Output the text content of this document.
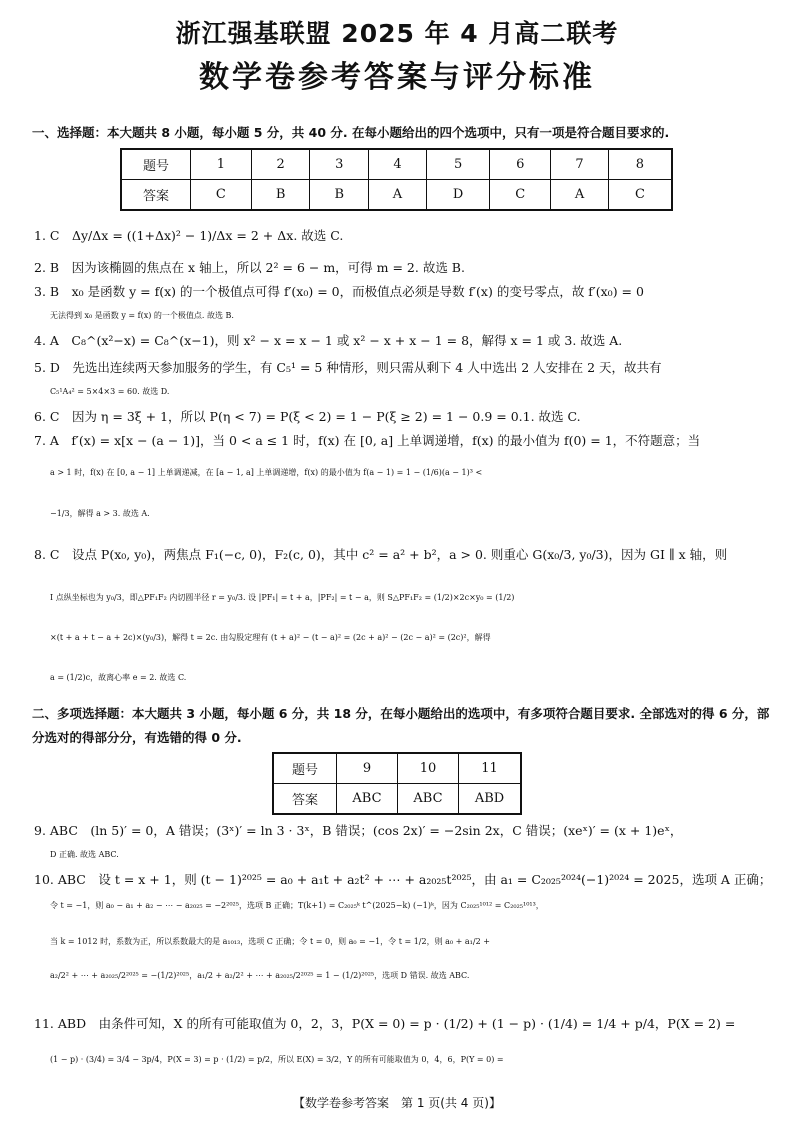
浙江强基联盟 2025 年 4 月高二联考
数学卷参考答案与评分标准
一、选择题：本大题共 8 小题，每小题 5 分，共 40 分. 在每小题给出的四个选项中，只有一项是符合题目要求的.
题号	1	2	3	4	5	6	7	8
答案	C	B	B	A	D	C	A	C
1. C　Δy/Δx = ((1+Δx)² − 1)/Δx = 2 + Δx. 故选 C.
2. B　因为该椭圆的焦点在 x 轴上，所以 2² = 6 − m，可得 m = 2. 故选 B.
3. B　x₀ 是函数 y = f(x) 的一个极值点可得 f′(x₀) = 0，而极值点必须是导数 f′(x) 的变号零点，故 f′(x₀) = 0
无法得到 x₀ 是函数 y = f(x) 的一个极值点. 故选 B.
4. A　C₈^(x²−x) = C₈^(x−1)，则 x² − x = x − 1 或 x² − x + x − 1 = 8，解得 x = 1 或 3. 故选 A.
5. D　先选出连续两天参加服务的学生，有 C₅¹ = 5 种情形，则只需从剩下 4 人中选出 2 人安排在 2 天，故共有
C₅¹A₄² = 5×4×3 = 60. 故选 D.
6. C　因为 η = 3ξ + 1，所以 P(η < 7) = P(ξ < 2) = 1 − P(ξ ≥ 2) = 1 − 0.9 = 0.1. 故选 C.
7. A　f′(x) = x[x − (a − 1)]，当 0 < a ≤ 1 时，f(x) 在 [0, a] 上单调递增，f(x) 的最小值为 f(0) = 1，不符题意；当
a > 1 时，f(x) 在 [0, a − 1] 上单调递减，在 [a − 1, a] 上单调递增，f(x) 的最小值为 f(a − 1) = 1 − (1/6)(a − 1)³ <
−1/3，解得 a > 3. 故选 A.
8. C　设点 P(x₀, y₀)，两焦点 F₁(−c, 0)，F₂(c, 0)，其中 c² = a² + b²，a > 0. 则重心 G(x₀/3, y₀/3)，因为 GI ∥ x 轴，则
I 点纵坐标也为 y₀/3，即△PF₁F₂ 内切圆半径 r = y₀/3. 设 |PF₁| = t + a，|PF₂| = t − a，则 S△PF₁F₂ = (1/2)×2c×y₀ = (1/2)
×(t + a + t − a + 2c)×(y₀/3)，解得 t = 2c. 由勾股定理有 (t + a)² − (t − a)² = (2c + a)² − (2c − a)² = (2c)²，解得
a = (1/2)c，故离心率 e = 2. 故选 C.
二、多项选择题：本大题共 3 小题，每小题 6 分，共 18 分，在每小题给出的选项中，有多项符合题目要求. 全部选对的得 6 分，部分选对的得部分分，有选错的得 0 分.
题号	9	10	11
答案	ABC	ABC	ABD
9. ABC　(ln 5)′ = 0，A 错误；(3ˣ)′ = ln 3 · 3ˣ，B 错误；(cos 2x)′ = −2sin 2x，C 错误；(xeˣ)′ = (x + 1)eˣ，
D 正确. 故选 ABC.
10. ABC　设 t = x + 1，则 (t − 1)²⁰²⁵ = a₀ + a₁t + a₂t² + ⋯ + a₂₀₂₅t²⁰²⁵，由 a₁ = C₂₀₂₅²⁰²⁴(−1)²⁰²⁴ = 2025，选项 A 正确；
令 t = −1，则 a₀ − a₁ + a₂ − ⋯ − a₂₀₂₅ = −2²⁰²⁵，选项 B 正确；T(k+1) = C₂₀₂₅ᵏ t^(2025−k) (−1)ᵏ，因为 C₂₀₂₅¹⁰¹² = C₂₀₂₅¹⁰¹³，
当 k = 1012 时，系数为正，所以系数最大的是 a₁₀₁₃，选项 C 正确；令 t = 0，则 a₀ = −1，令 t = 1/2，则 a₀ + a₁/2 +
a₂/2² + ⋯ + a₂₀₂₅/2²⁰²⁵ = −(1/2)²⁰²⁵，a₁/2 + a₂/2² + ⋯ + a₂₀₂₅/2²⁰²⁵ = 1 − (1/2)²⁰²⁵，选项 D 错误. 故选 ABC.
11. ABD　由条件可知，X 的所有可能取值为 0，2，3，P(X = 0) = p · (1/2) + (1 − p) · (1/4) = 1/4 + p/4，P(X = 2) =
(1 − p) · (3/4) = 3/4 − 3p/4，P(X = 3) = p · (1/2) = p/2，所以 E(X) = 3/2，Y 的所有可能取值为 0，4，6，P(Y = 0) =
【数学卷参考答案　第 1 页(共 4 页)】
